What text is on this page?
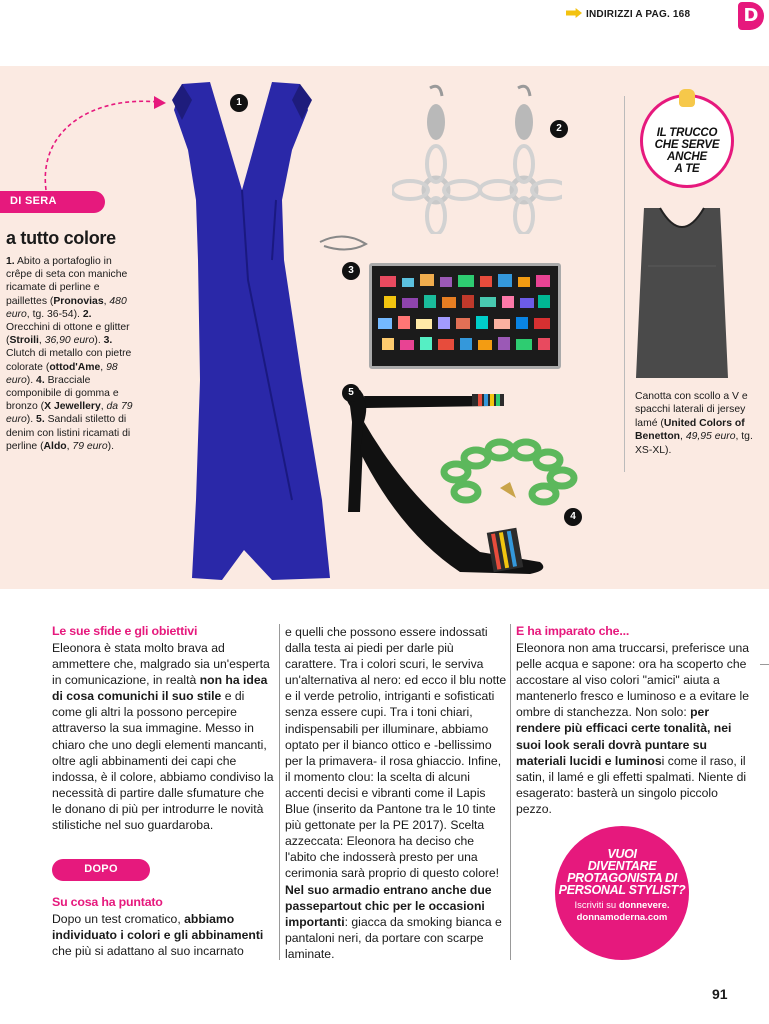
INDIRIZZI A PAG. 168	D
1
2
3
4
5
DI SERA
a tutto colore
1. Abito a portafoglio in crêpe di seta con maniche ricamate di perline e paillettes (Pronovias, 480 euro, tg. 36-54). 2. Orecchini di ottone e glitter (Stroili, 36,90 euro). 3. Clutch di metallo con pietre colorate (ottod'Ame, 98 euro). 4. Bracciale componibile di gomma e bronzo (X Jewellery, da 79 euro). 5. Sandali stiletto di denim con listini ricamati di perline (Aldo, 79 euro).
IL TRUCCO
CHE SERVE
ANCHE
A TE
Canotta con scollo a V e spacchi laterali di jersey lamé (United Colors of Benetton, 49,95 euro, tg. XS-XL).
Le sue sfide e gli obiettivi
Eleonora è stata molto brava ad ammettere che, malgrado sia un'esperta in comunicazione, in realtà non ha idea di cosa comunichi il suo stile e di come gli altri la possono percepire attraverso la sua immagine. Messo in chiaro che uno degli elementi mancanti, oltre agli abbinamenti dei capi che indossa, è il colore, abbiamo condiviso la necessità di partire dalle sfumature che le donano di più per introdurre le novità stilistiche nel suo guardaroba.
DOPO
Su cosa ha puntato
Dopo un test cromatico, abbiamo individuato i colori e gli abbinamenti che più si adattano al suo incarnato
e quelli che possono essere indossati dalla testa ai piedi per darle più carattere. Tra i colori scuri, le serviva un'alternativa al nero: ed ecco il blu notte e il verde petrolio, intriganti e sofisticati senza essere cupi. Tra i toni chiari, indispensabili per illuminare, abbiamo optato per il bianco ottico e -bellissimo per la primavera- il rosa ghiaccio. Infine, il momento clou: la scelta di alcuni accenti decisi e vibranti come il Lapis Blue (inserito da Pantone tra le 10 tinte più gettonate per la PE 2017). Scelta azzeccata: Eleonora ha deciso che l'abito che indosserà presto per una cerimonia sarà proprio di questo colore! Nel suo armadio entrano anche due passepartout chic per le occasioni importanti: giacca da smoking bianca e pantaloni neri, da portare con scarpe laminate.
E ha imparato che...
Eleonora non ama truccarsi, preferisce una pelle acqua e sapone: ora ha scoperto che accostare al viso colori "amici" aiuta a mantenerlo fresco e luminoso e a evitare le ombre di stanchezza. Non solo: per rendere più efficaci certe tonalità, nei suoi look serali dovrà puntare su materiali lucidi e luminosi come il raso, il satin, il lamé e gli effetti spalmati. Niente di esagerato: basterà un singolo piccolo pezzo.
VUOI
DIVENTARE
PROTAGONISTA DI
PERSONAL STYLIST?
Iscriviti su donnevere.
donnamoderna.com
91
